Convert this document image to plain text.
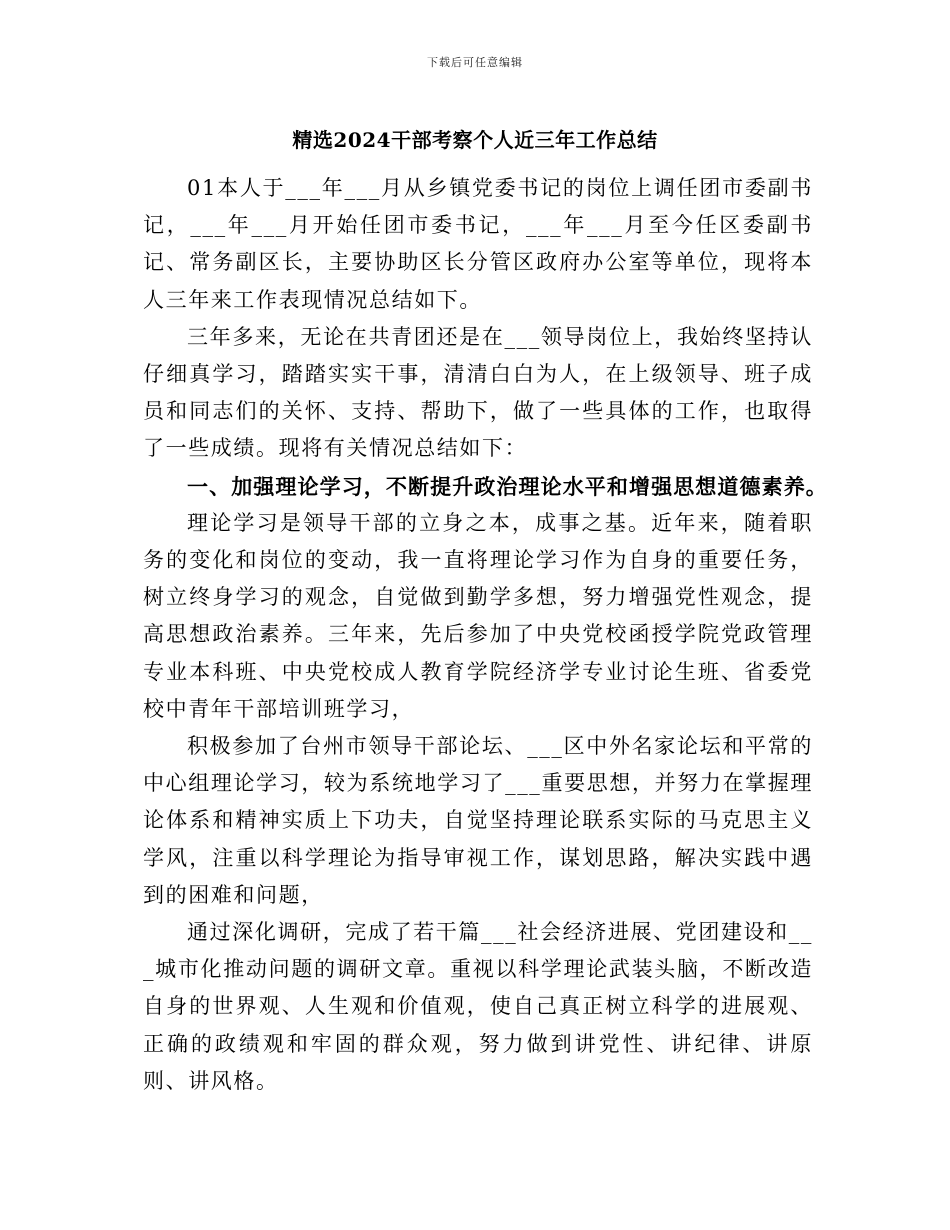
下载后可任意编辑
精选2024干部考察个人近三年工作总结

01本人于___年___月从乡镇党委书记的岗位上调任团市委副书记，___年___月开始任团市委书记，___年___月至今任区委副书记、常务副区长，主要协助区长分管区政府办公室等单位，现将本人三年来工作表现情况总结如下。

三年多来，无论在共青团还是在___领导岗位上，我始终坚持认仔细真学习，踏踏实实干事，清清白白为人，在上级领导、班子成员和同志们的关怀、支持、帮助下，做了一些具体的工作，也取得了一些成绩。现将有关情况总结如下：

一、加强理论学习，不断提升政治理论水平和增强思想道德素养。

理论学习是领导干部的立身之本，成事之基。近年来，随着职务的变化和岗位的变动，我一直将理论学习作为自身的重要任务，树立终身学习的观念，自觉做到勤学多想，努力增强党性观念，提高思想政治素养。三年来，先后参加了中央党校函授学院党政管理专业本科班、中央党校成人教育学院经济学专业讨论生班、省委党校中青年干部培训班学习，

积极参加了台州市领导干部论坛、___区中外名家论坛和平常的中心组理论学习，较为系统地学习了___重要思想，并努力在掌握理论体系和精神实质上下功夫，自觉坚持理论联系实际的马克思主义学风，注重以科学理论为指导审视工作，谋划思路，解决实践中遇到的困难和问题，

通过深化调研，完成了若干篇___社会经济进展、党团建设和___城市化推动问题的调研文章。重视以科学理论武装头脑，不断改造自身的世界观、人生观和价值观，使自己真正树立科学的进展观、正确的政绩观和牢固的群众观，努力做到讲党性、讲纪律、讲原则、讲风格。
